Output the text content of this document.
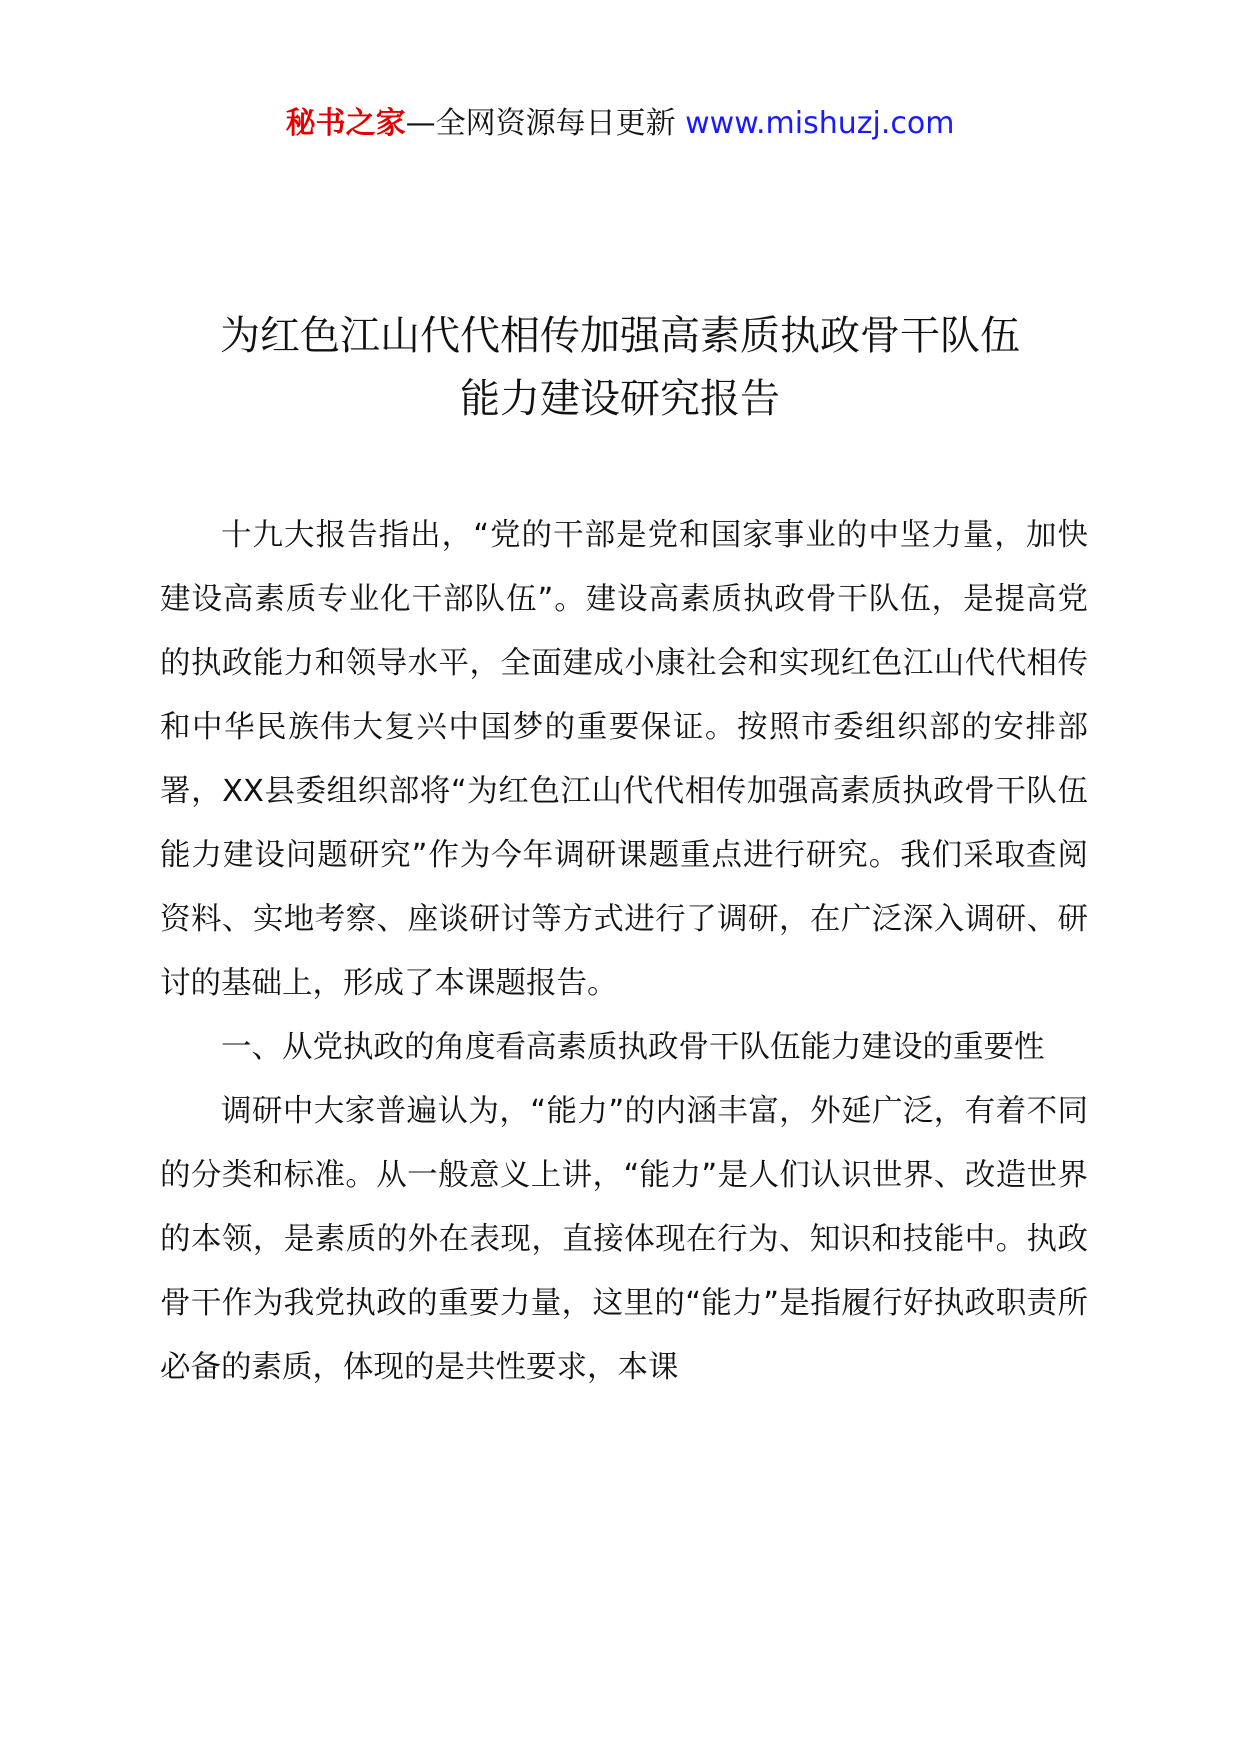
秘书之家—全网资源每日更新 www.mishuzj.com
为红色江山代代相传加强高素质执政骨干队伍
能力建设研究报告

十九大报告指出，“党的干部是党和国家事业的中坚力量，加快建设高素质专业化干部队伍”。建设高素质执政骨干队伍，是提高党的执政能力和领导水平，全面建成小康社会和实现红色江山代代相传和中华民族伟大复兴中国梦的重要保证。按照市委组织部的安排部署，XX县委组织部将“为红色江山代代相传加强高素质执政骨干队伍能力建设问题研究”作为今年调研课题重点进行研究。我们采取查阅资料、实地考察、座谈研讨等方式进行了调研，在广泛深入调研、研讨的基础上，形成了本课题报告。

一、从党执政的角度看高素质执政骨干队伍能力建设的重要性

调研中大家普遍认为，“能力”的内涵丰富，外延广泛，有着不同的分类和标准。从一般意义上讲，“能力”是人们认识世界、改造世界的本领，是素质的外在表现，直接体现在行为、知识和技能中。执政骨干作为我党执政的重要力量，这里的“能力”是指履行好执政职责所必备的素质，体现的是共性要求，本课
